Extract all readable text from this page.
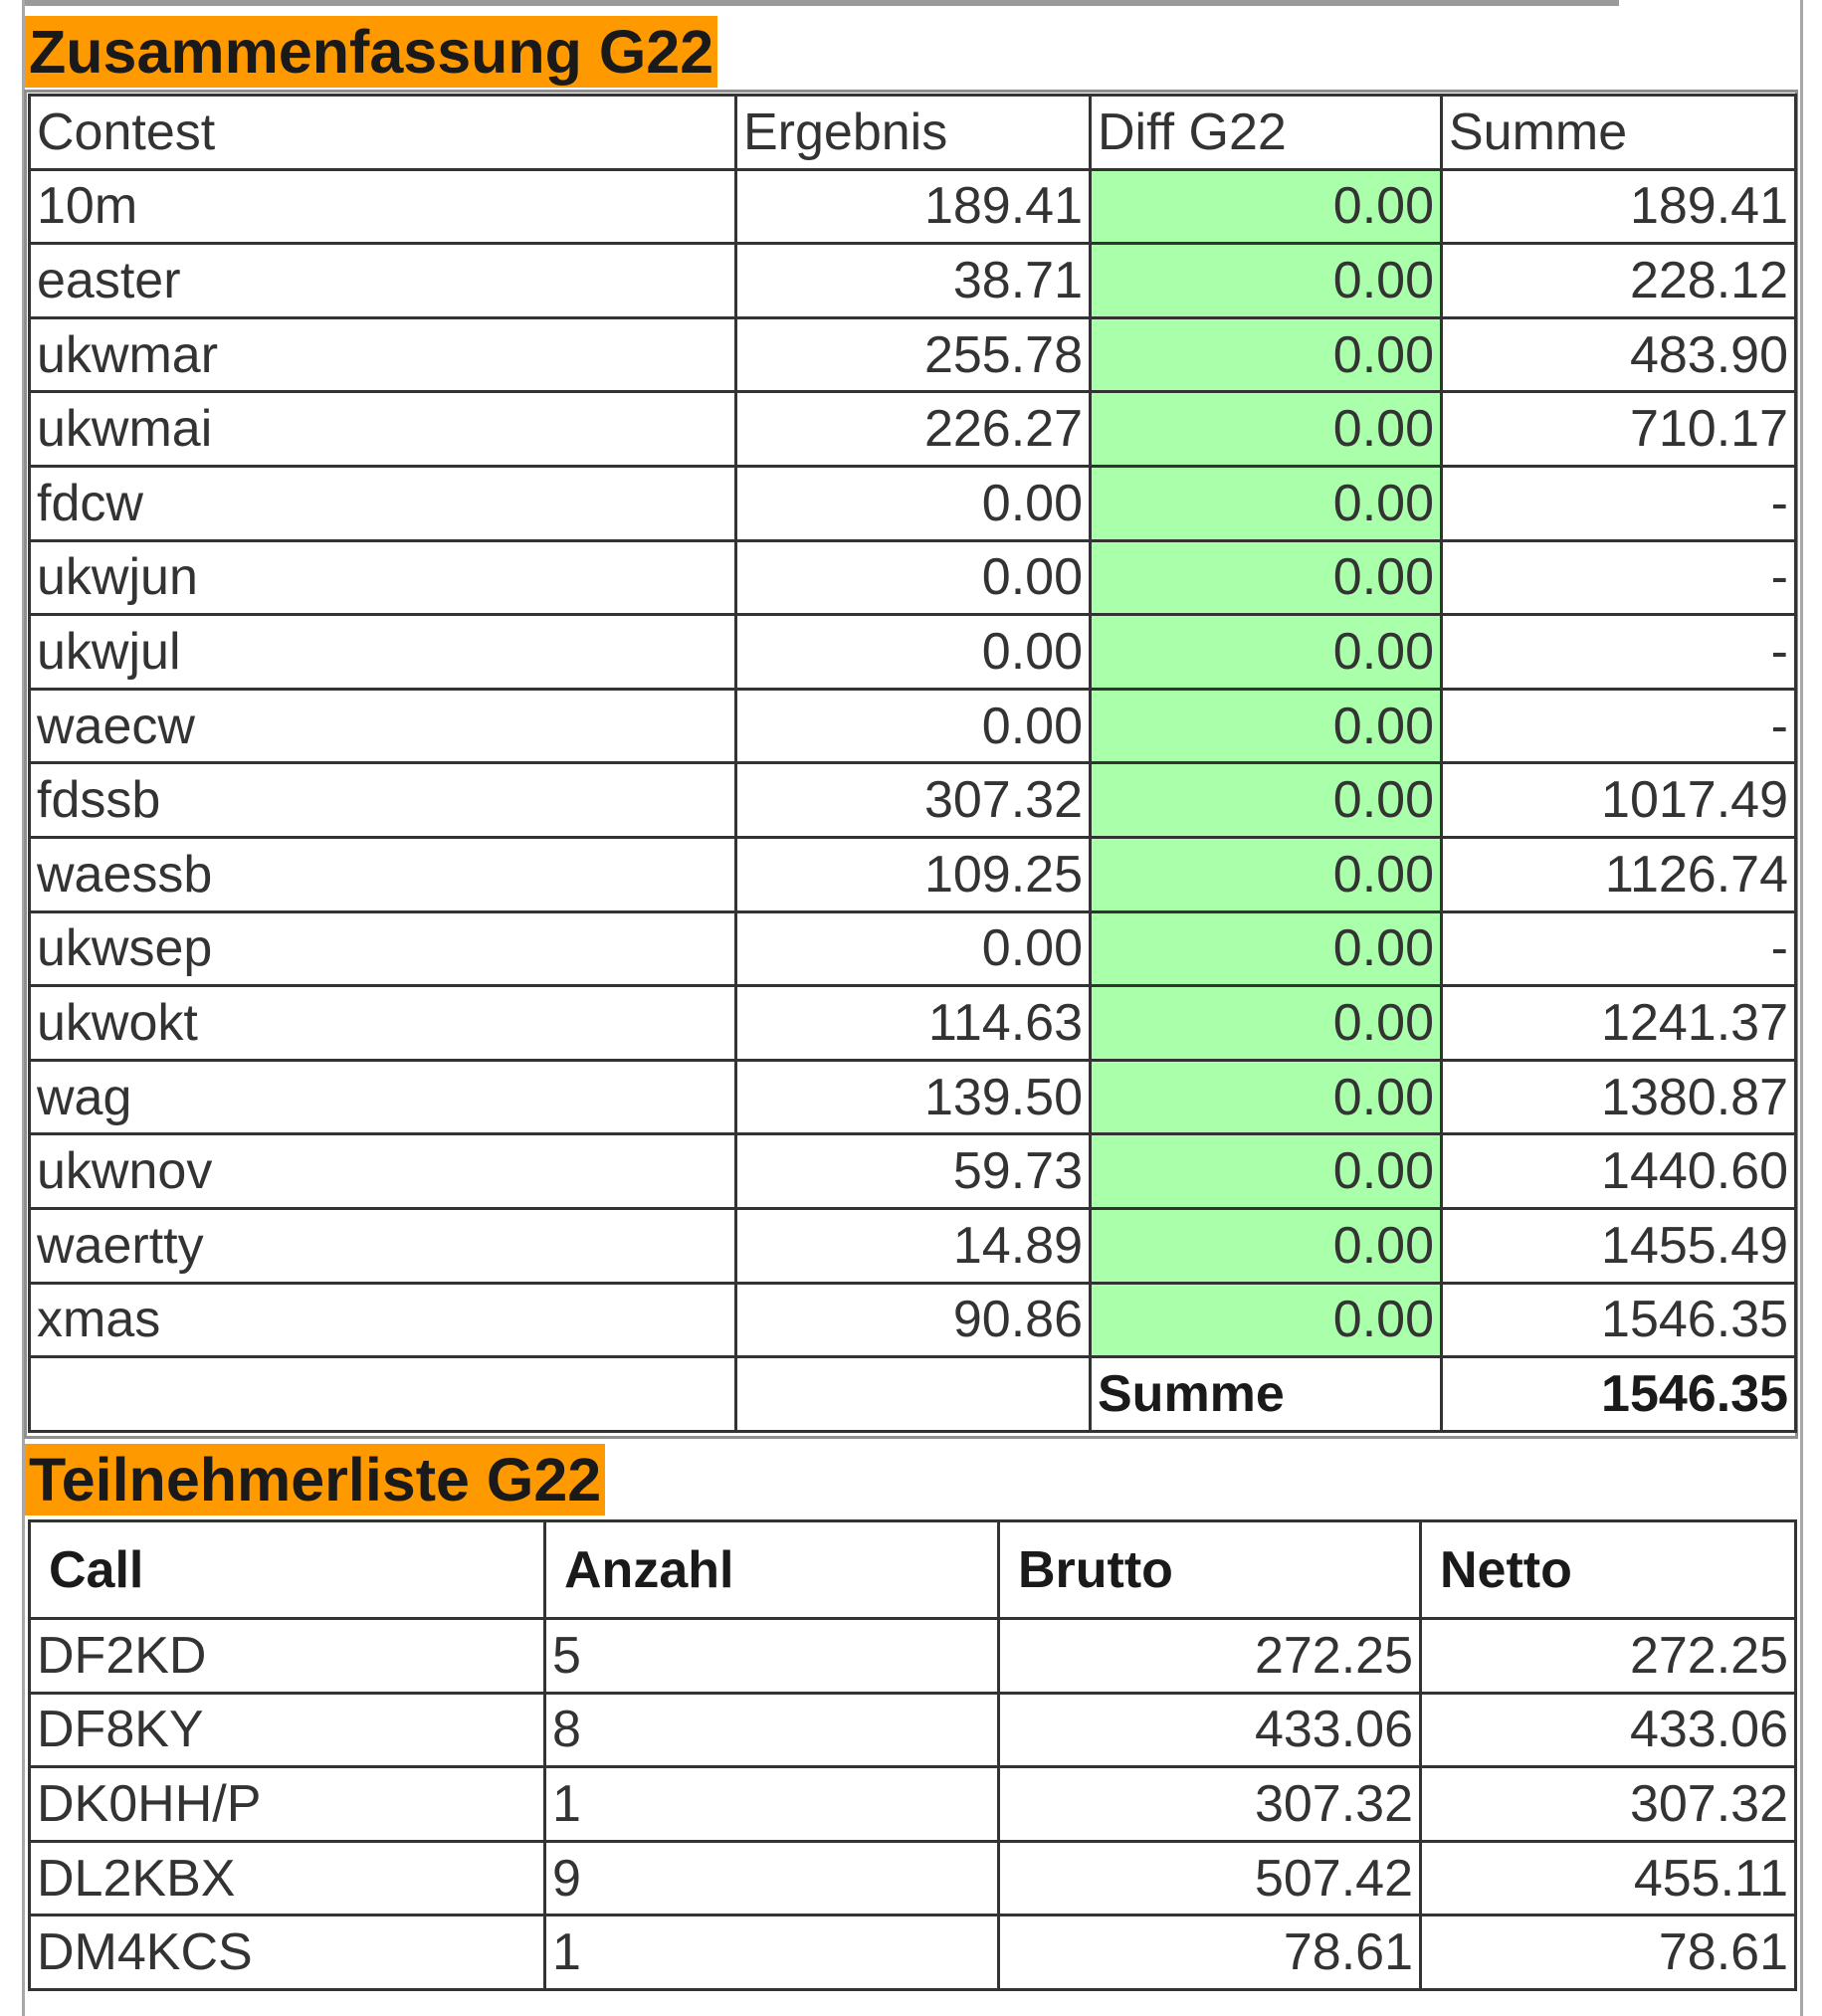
Zusammenfassung G22
Contest	Ergebnis	Diff G22	Summe
10m	189.41	0.00	189.41
easter	38.71	0.00	228.12
ukwmar	255.78	0.00	483.90
ukwmai	226.27	0.00	710.17
fdcw	0.00	0.00	-
ukwjun	0.00	0.00	-
ukwjul	0.00	0.00	-
waecw	0.00	0.00	-
fdssb	307.32	0.00	1017.49
waessb	109.25	0.00	1126.74
ukwsep	0.00	0.00	-
ukwokt	114.63	0.00	1241.37
wag	139.50	0.00	1380.87
ukwnov	59.73	0.00	1440.60
waertty	14.89	0.00	1455.49
xmas	90.86	0.00	1546.35
		Summe	1546.35
Teilnehmerliste G22
Call	Anzahl	Brutto	Netto
DF2KD	5	272.25	272.25
DF8KY	8	433.06	433.06
DK0HH/P	1	307.32	307.32
DL2KBX	9	507.42	455.11
DM4KCS	1	78.61	78.61
